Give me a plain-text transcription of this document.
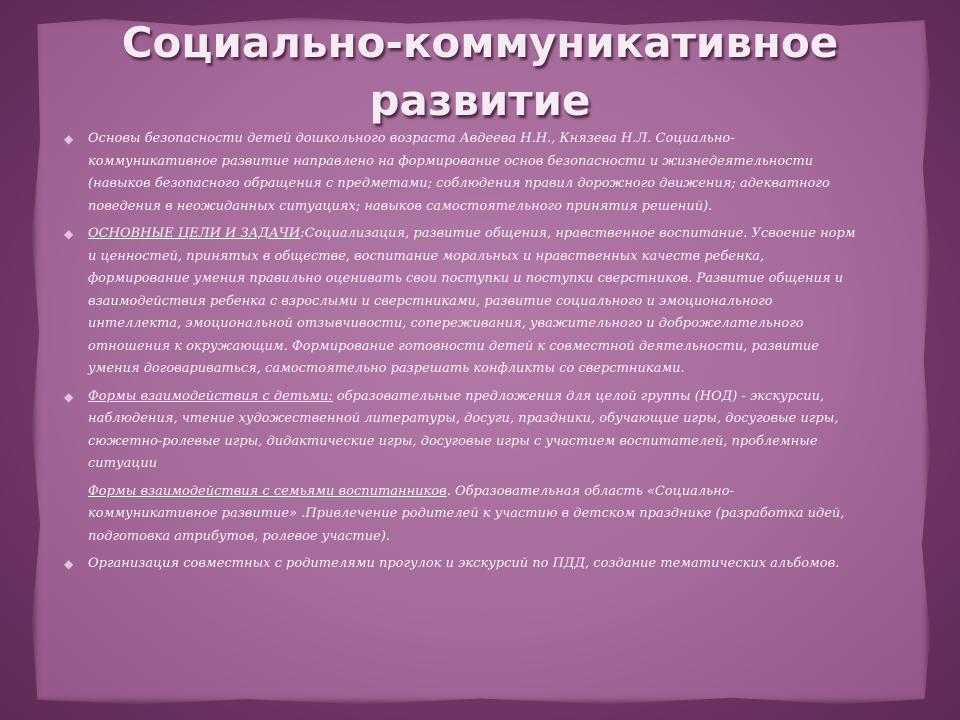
Социально-коммуникативное
развитие
◆ Основы безопасности детей дошкольного возраста Авдеева Н.Н., Князева Н.Л. Социально-коммуникативное развитие направлено на формирование основ безопасности и жизнедеятельности (навыков безопасного обращения с предметами; соблюдения правил дорожного движения; адекватного поведения в неожиданных ситуациях; навыков самостоятельного принятия решений).
◆ ОСНОВНЫЕ ЦЕЛИ И ЗАДАЧИ:Социализация, развитие общения, нравственное воспитание. Усвоение норм и ценностей, принятых в обществе, воспитание моральных и нравственных качеств ребенка, формирование умения правильно оценивать свои поступки и поступки сверстников. Развитие общения и взаимодействия ребенка с взрослыми и сверстниками, развитие социального и эмоционального интеллекта, эмоциональной отзывчивости, сопереживания, уважительного и доброжелательного отношения к окружающим. Формирование готовности детей к совместной деятельности, развитие умения договариваться, самостоятельно разрешать конфликты со сверстниками.
◆ Формы взаимодействия с детьми: образовательные предложения для целой группы (НОД) - экскурсии, наблюдения, чтение художественной литературы, досуги, праздники, обучающие игры, досуговые игры, сюжетно-ролевые игры, дидактические игры, досуговые игры с участием воспитателей, проблемные ситуации
Формы взаимодействия с семьями воспитанников. Образовательная область «Социально-коммуникативное развитие» .Привлечение родителей к участию в детском празднике (разработка идей, подготовка атрибутов, ролевое участие).
◆ Организация совместных с родителями прогулок и экскурсий по ПДД, создание тематических альбомов.
